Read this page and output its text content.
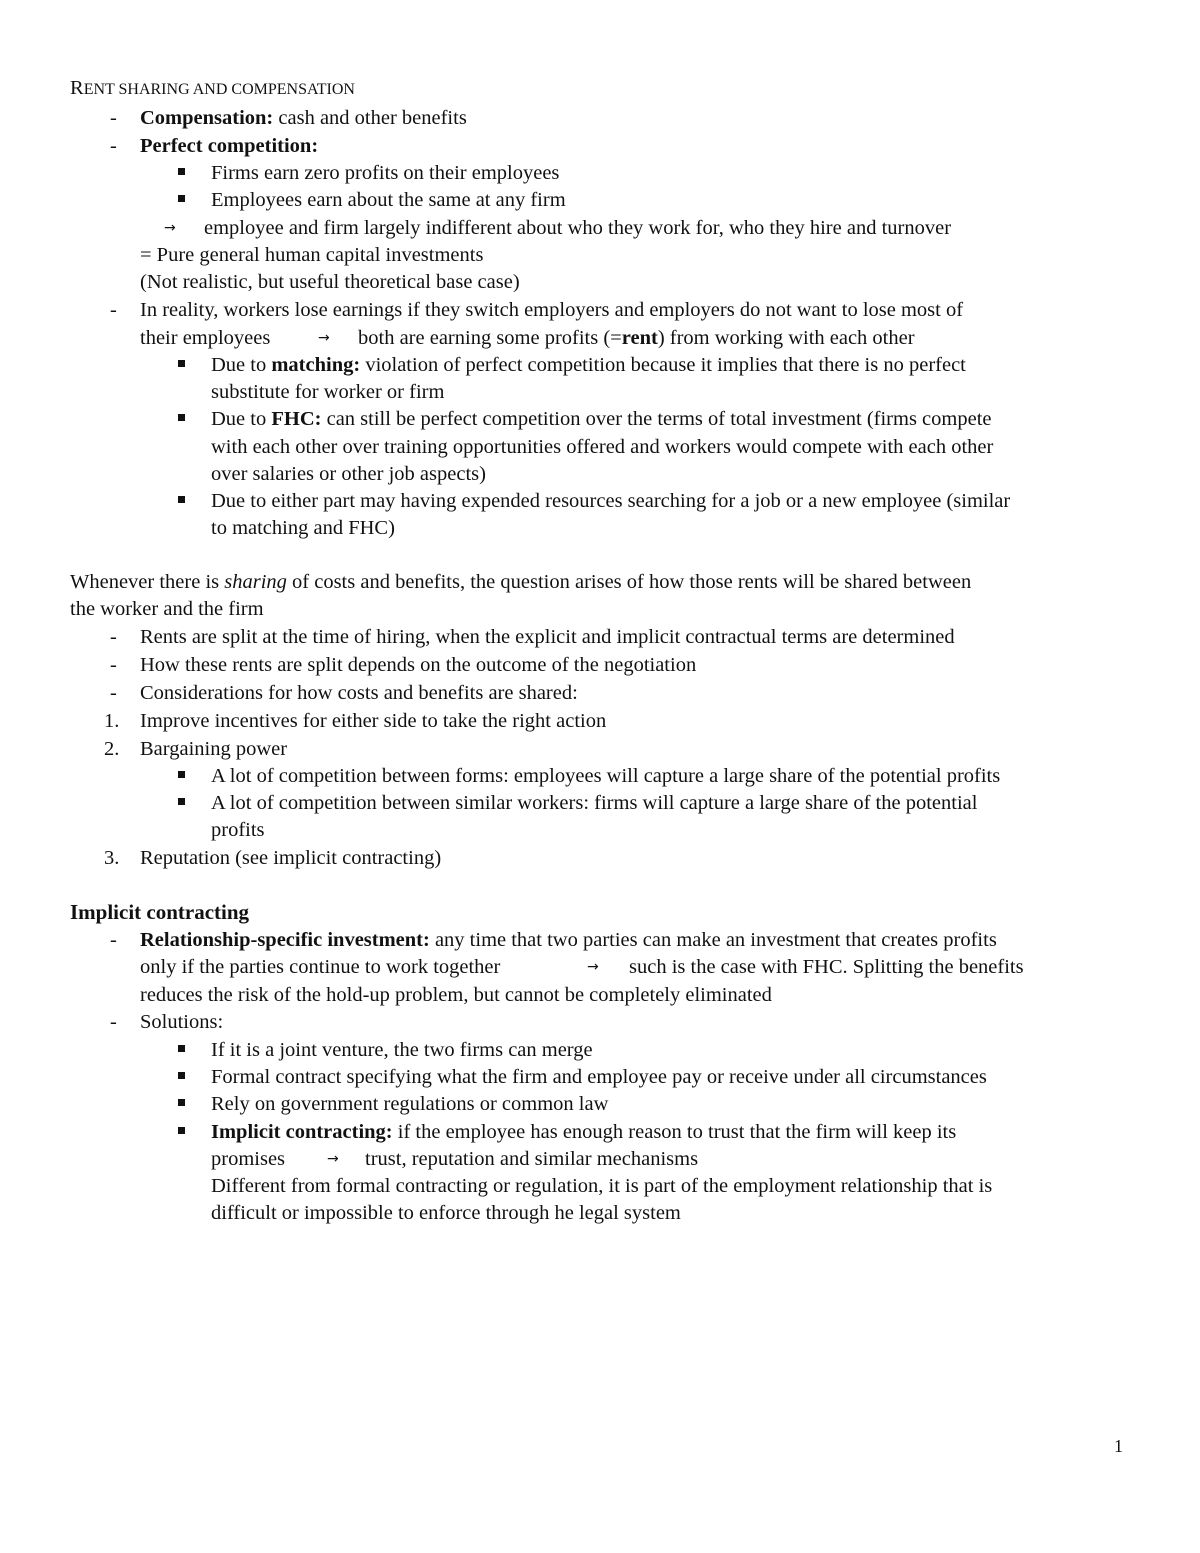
RENT SHARING AND COMPENSATION
- Compensation: cash and other benefits
- Perfect competition:
Firms earn zero profits on their employees
Employees earn about the same at any firm
→ employee and firm largely indifferent about who they work for, who they hire and turnover
= Pure general human capital investments
(Not realistic, but useful theoretical base case)
- In reality, workers lose earnings if they switch employers and employers do not want to lose most of
their employees	→ both are earning some profits (=rent) from working with each other
Due to matching: violation of perfect competition because it implies that there is no perfect
substitute for worker or firm
Due to FHC: can still be perfect competition over the terms of total investment (firms compete
with each other over training opportunities offered and workers would compete with each other
over salaries or other job aspects)
Due to either part may having expended resources searching for a job or a new employee (similar
to matching and FHC)
Whenever there is sharing of costs and benefits, the question arises of how those rents will be shared between
the worker and the firm
- Rents are split at the time of hiring, when the explicit and implicit contractual terms are determined
- How these rents are split depends on the outcome of the negotiation
- Considerations for how costs and benefits are shared:
1. Improve incentives for either side to take the right action
2. Bargaining power
A lot of competition between forms: employees will capture a large share of the potential profits
A lot of competition between similar workers: firms will capture a large share of the potential
profits
3. Reputation (see implicit contracting)
Implicit contracting
- Relationship-specific investment: any time that two parties can make an investment that creates profits
only if the parties continue to work together	→ such is the case with FHC. Splitting the benefits
reduces the risk of the hold-up problem, but cannot be completely eliminated
- Solutions:
If it is a joint venture, the two firms can merge
Formal contract specifying what the firm and employee pay or receive under all circumstances
Rely on government regulations or common law
Implicit contracting: if the employee has enough reason to trust that the firm will keep its
promises	→ trust, reputation and similar mechanisms
Different from formal contracting or regulation, it is part of the employment relationship that is
difficult or impossible to enforce through he legal system
1
